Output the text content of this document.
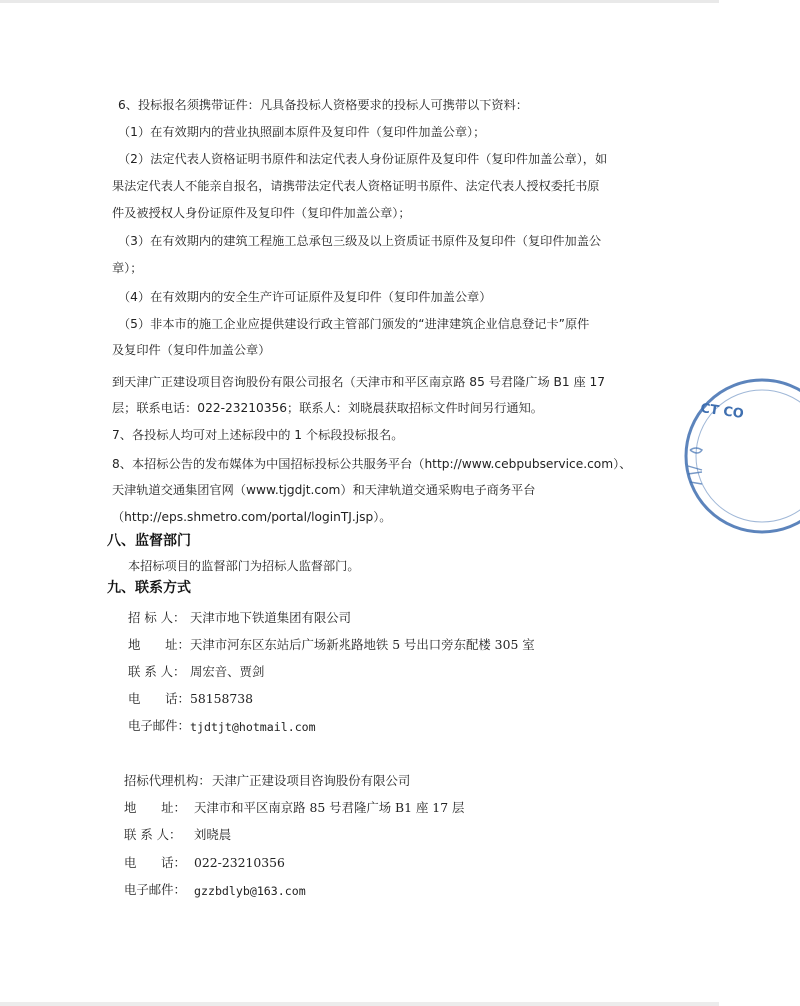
6、投标报名须携带证件：凡具备投标人资格要求的投标人可携带以下资料：
（1）在有效期内的营业执照副本原件及复印件（复印件加盖公章）；
（2）法定代表人资格证明书原件和法定代表人身份证原件及复印件（复印件加盖公章），如
果法定代表人不能亲自报名，请携带法定代表人资格证明书原件、法定代表人授权委托书原
件及被授权人身份证原件及复印件（复印件加盖公章）；
（3）在有效期内的建筑工程施工总承包三级及以上资质证书原件及复印件（复印件加盖公
章）；
（4）在有效期内的安全生产许可证原件及复印件（复印件加盖公章）
（5）非本市的施工企业应提供建设行政主管部门颁发的“进津建筑企业信息登记卡”原件
及复印件（复印件加盖公章）
到天津广正建设项目咨询股份有限公司报名（天津市和平区南京路 85 号君隆广场 B1 座 17
层；联系电话：022-23210356；联系人：刘晓晨获取招标文件时间另行通知。
7、各投标人均可对上述标段中的 1 个标段投标报名。
8、本招标公告的发布媒体为中国招标投标公共服务平台（http://www.cebpubservice.com）、
天津轨道交通集团官网（www.tjgdjt.com）和天津轨道交通采购电子商务平台
（http://eps.shmetro.com/portal/loginTJ.jsp）。
八、监督部门
本招标项目的监督部门为招标人监督部门。
九、联系方式
招 标 人： 天津市地下铁道集团有限公司
地　　址： 天津市河东区东站后广场新兆路地铁 5 号出口旁东配楼 305 室
联 系 人： 周宏音、贾剑
电　　话： 58158738
电子邮件： tjdtjt@hotmail.com
招标代理机构： 天津广正建设项目咨询股份有限公司
地　　址： 天津市和平区南京路 85 号君隆广场 B1 座 17 层
联 系 人： 刘晓晨
电　　话： 022-23210356
电子邮件： gzzbdlyb@163.com
CT CO
